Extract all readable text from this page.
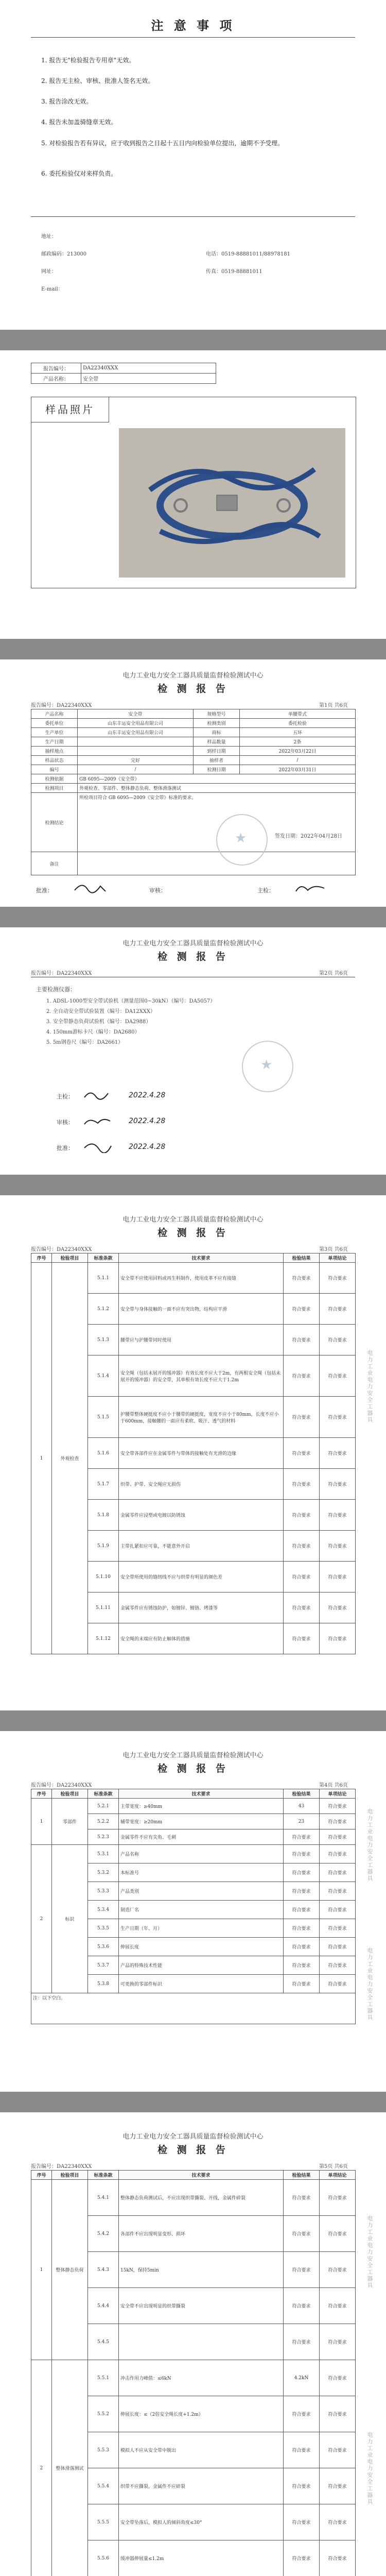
注 意 事 项
1. 报告无"检验报告专用章"无效。
2. 报告无主检、审核、批准人签名无效。
3. 报告涂改无效。
4. 报告未加盖骑缝章无效。
5. 对检验报告若有异议，应于收到报告之日起十五日内向检验单位提出，逾期不予受理。
6. 委托检验仅对来样负责。
地址：
邮政编码：213000	电话：0519-88881011/88978181
网址：	传真：0519-88881011
E-mail：
报告编号：	DA22340XXX
产品名称：	安全带
样品照片
电力工业电力安全工器具质量监督检验测试中心
检 测 报 告
报告编号：DA22340XXX	第1页 共6页
产品名称	安全带	规格型号	单腰带式
委托单位	山东丰运安全用品有限公司	检测类别	委托检验
生产单位	山东丰运安全用品有限公司	商标	五环
生产日期		样品数量	2条
抽样地点		到样日期	2022年03月22日
样品状态	完好	抽样者	/
编号	/	检测日期	2022年03月31日
检测依据	GB 6095—2009《安全带》		
检测项目	外观检查、零部件、整体静态负荷、整体滑落测试		
检测结论	所检项目符合 GB 6095—2009《安全带》标准的要求。
签发日期：2022年04月28日		

备注			
★
批准：	审核：	主检：
电力工业电力安全工器具质量监督检验测试中心
检 测 报 告
报告编号：DA22340XXX	第2页 共6页
主要检测仪器：
1. ADSL-1000型安全带试验机（测量范围0~30kN）（编号：DA5057）
2. 全自动安全带试验装置（编号：DA12XXX）
3. 安全带静态负荷试验机（编号：DA2988）
4. 150mm游标卡尺（编号：DA2680）
5. 5m钢卷尺（编号：DA2661）
★
主检：	2022.4.28
审核：	2022.4.28
批准：	2022.4.28
电力工业电力安全工器具质量监督检验测试中心
检 测 报 告
报告编号：DA22340XXX	第3页 共6页
序号	检验项目	标准条款	技术要求	检验结果	单项结论
1	外观检查	5.1.1	安全带不应使用回料或再生料制作，使用皮革不应有接缝	符合要求	符合要求
		5.1.2	安全带与身体接触的一面不应有突出物，结构应平滑	符合要求	符合要求
		5.1.3	腰带应与护腰带同时使用	符合要求	符合要求
		5.1.4	安全绳（包括未展开的缓冲器）有效长度不应大于2m，有两根安全绳（包括未展开的缓冲器）的安全带，其单根有效长度不应大于1.2m	符合要求	符合要求
		5.1.5	护腰带整体硬挺度不应小于腰带的硬挺度，宽度不应小于80mm，长度不应小于600mm，接触腰的一面应有柔软、吸汗、透气的材料	符合要求	符合要求
		5.1.6	安全带各部件应在金属零件与带体的接触处有光滑的边缘	符合要求	符合要求
		5.1.7	织带、护带、安全绳应无损伤	符合要求	符合要求
		5.1.8	金属零件应浸塑或电镀以防锈蚀	符合要求	符合要求
		5.1.9	主带扎紧扣应可靠，不能意外开启	符合要求	符合要求
		5.1.10	安全带所使用的缝纫线不应与织带有明显的颜色差	符合要求	符合要求
		5.1.11	金属零件应有锈蚀防护，如镀锌、镀铬、烤漆等	符合要求	符合要求
		5.1.12	安全绳的末端应有防止解体的措施	符合要求	符合要求
电力工业电力安全工器具
电力工业电力安全工器具质量监督检验测试中心
检 测 报 告
报告编号：DA22340XXX	第4页 共6页
序号	检验项目	标准条款	技术要求	检验结果	单项结论
1	零部件	5.2.1	主带宽度：≥40mm	43	符合要求
		5.2.2	辅带宽度：≥20mm	23	符合要求
		5.2.3	金属零件不应有尖角、毛刺	符合要求	符合要求
2	标识	5.3.1	产品名称	符合要求	符合要求
		5.3.2	本标准号	符合要求	符合要求
		5.3.3	产品类别	符合要求	符合要求
		5.3.4	制造厂名	符合要求	符合要求
		5.3.5	生产日期（年、月）	符合要求	符合要求
		5.3.6	伸展长度	符合要求	符合要求
		5.3.7	产品的特殊技术性能	符合要求	符合要求
		5.3.8	可更换的零部件标识	符合要求	符合要求
注：以下空白。					
电力工业电力安全工器具
电力工业电力安全工器具
电力工业电力安全工器具质量监督检验测试中心
检 测 报 告
报告编号：DA22340XXX	第5页 共6页
序号	检验项目	标准条款	技术要求	检验结果	单项结论
1	整体静态负荷	5.4.1	整体静态负荷测试后，不应出现织带撕裂、开线，金属件碎裂	符合要求	符合要求
		5.4.2	各部件不应出现明显变形、损坏	符合要求	符合要求
		5.4.3	15kN，保持5min	符合要求	符合要求
		5.4.4	安全带不应出现明显的织带撕裂	符合要求	符合要求
		5.4.5		符合要求	符合要求
2	整体滑落测试	5.5.1	冲击作用力峰值：≤6kN	4.2kN	符合要求
		5.5.2	伸展长度：≤（2倍安全绳长度+1.2m）	符合要求	符合要求
		5.5.3	模拟人不应从安全带中脱出	符合要求	符合要求
		5.5.4	织带不应撕裂，金属件不应碎裂	符合要求	符合要求
		5.5.5	安全带坠落后，模拟人的倾斜角度≤30°	符合要求	符合要求
		5.5.6	缓冲器伸展量≤1.2m	符合要求	符合要求
电力工业电力安全工器具
电力工业电力安全工器具
